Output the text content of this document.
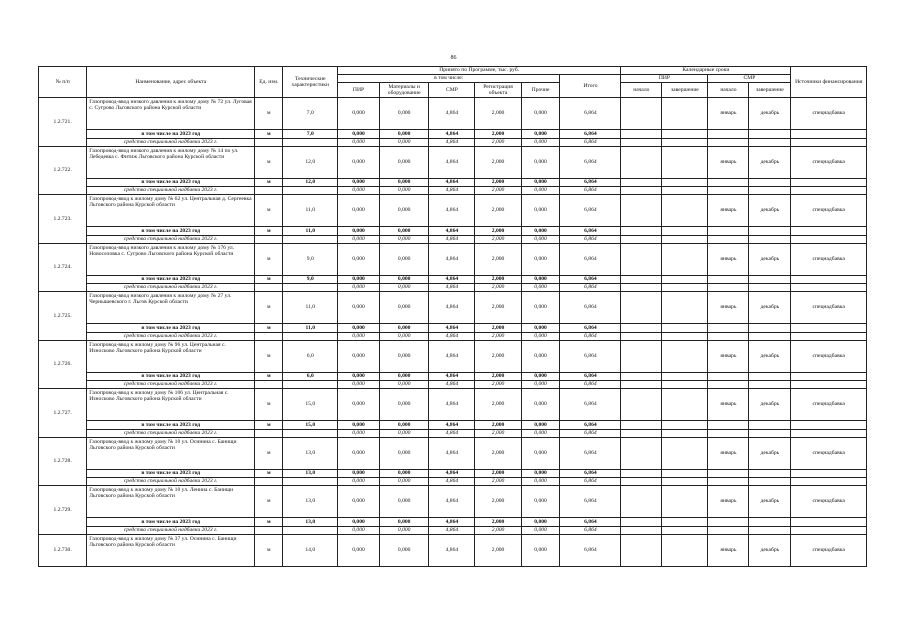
86
№ п/п	Наименование, адрес объекта	Ед. изм.	Технические характеристики	Принято по Программе, тыс. руб.						Календарные сроки				Источники финансирования
				в том числе:					Итого	ПИР		СМР		
				ПИР	Материалы и оборудование	СМР	Регистрация объекта	Прочие		начало	завершение	начало	завершение	
1.2.721.	Газопровод-ввод низкого давления к жилому дому № 72 ул. Луговая с. Сугрово Льговского района Курской области	м	7,0	0,000	0,000	4,864	2,000	0,000	6,864			январь	декабрь	спецнадбавка
	в том числе на 2023 год	м	7,0	0,000	0,000	4,864	2,000	0,000	6,864					
	средства специальной надбавки 2023 г.			0,000	0,000	4,864	2,000	0,000	6,864					
1.2.722.	Газопровод-ввод низкого давления к жилому дому № 14 по ул. Лебедевка с. Фитиж Льговского района Курской области	м	12,0	0,000	0,000	4,864	2,000	0,000	6,864			январь	декабрь	спецнадбавка
	в том числе на 2023 год	м	12,0	0,000	0,000	4,864	2,000	0,000	6,864					
	средства специальной надбавки 2023 г.			0,000	0,000	4,864	2,000	0,000	6,864					
1.2.723.	Газопровод-ввод к жилому дому № 62 ул. Центральная д. Сергеевка Льговского района Курской области	м	11,0	0,000	0,000	4,864	2,000	0,000	6,864			январь	декабрь	спецнадбавка
	в том числе на 2023 год	м	11,0	0,000	0,000	4,864	2,000	0,000	6,864					
	средства специальной надбавки 2023 г.			0,000	0,000	4,864	2,000	0,000	6,864					
1.2.724.	Газопровод-ввод низкого давления к жилому дому № 176 ул. Новоселовка с. Сугрово Льговского района Курской области	м	9,0	0,000	0,000	4,864	2,000	0,000	6,864			январь	декабрь	спецнадбавка
	в том числе на 2023 год	м	9,0	0,000	0,000	4,864	2,000	0,000	6,864					
	средства специальной надбавки 2023 г.			0,000	0,000	4,864	2,000	0,000	6,864					
1.2.725.	Газопровод-ввод низкого давления к жилому дому № 27 ул. Чернышевского г. Льгов Курской области	м	11,0	0,000	0,000	4,864	2,000	0,000	6,864			январь	декабрь	спецнадбавка
	в том числе на 2023 год	м	11,0	0,000	0,000	4,864	2,000	0,000	6,864					
	средства специальной надбавки 2023 г.			0,000	0,000	4,864	2,000	0,000	6,864					
1.2.726.	Газопровод-ввод к жилому дому № 96 ул. Центральная с. Износково Льговского района Курской области	м	6,0	0,000	0,000	4,864	2,000	0,000	6,864			январь	декабрь	спецнадбавка
	в том числе на 2023 год	м	6,0	0,000	0,000	4,864	2,000	0,000	6,864					
	средства специальной надбавки 2023 г.			0,000	0,000	4,864	2,000	0,000	6,864					
1.2.727.	Газопровод-ввод к жилому дому № 106 ул. Центральная с. Износково Льговского района Курской области	м	15,0	0,000	0,000	4,864	2,000	0,000	6,864			январь	декабрь	спецнадбавка
	в том числе на 2023 год	м	15,0	0,000	0,000	4,864	2,000	0,000	6,864					
	средства специальной надбавки 2023 г.			0,000	0,000	4,864	2,000	0,000	6,864					
1.2.728.	Газопровод-ввод к жилому дому № 10 ул. Осинина с. Банищи Льговского района Курской области	м	13,0	0,000	0,000	4,864	2,000	0,000	6,864			январь	декабрь	спецнадбавка
	в том числе на 2023 год	м	13,0	0,000	0,000	4,864	2,000	0,000	6,864					
	средства специальной надбавки 2023 г.			0,000	0,000	4,864	2,000	0,000	6,864					
1.2.729.	Газопровод-ввод к жилому дому № 10 ул. Ленина с. Банищи Льговского района Курской области	м	13,0	0,000	0,000	4,864	2,000	0,000	6,864			январь	декабрь	спецнадбавка
	в том числе на 2023 год	м	13,0	0,000	0,000	4,864	2,000	0,000	6,864					
	средства специальной надбавки 2023 г.			0,000	0,000	4,864	2,000	0,000	6,864					
1.2.730.	Газопровод-ввод к жилому дому № 37 ул. Осинина с. Банищи Льговского района Курской области	м	14,0	0,000	0,000	4,864	2,000	0,000	6,864			январь	декабрь	спецнадбавка
